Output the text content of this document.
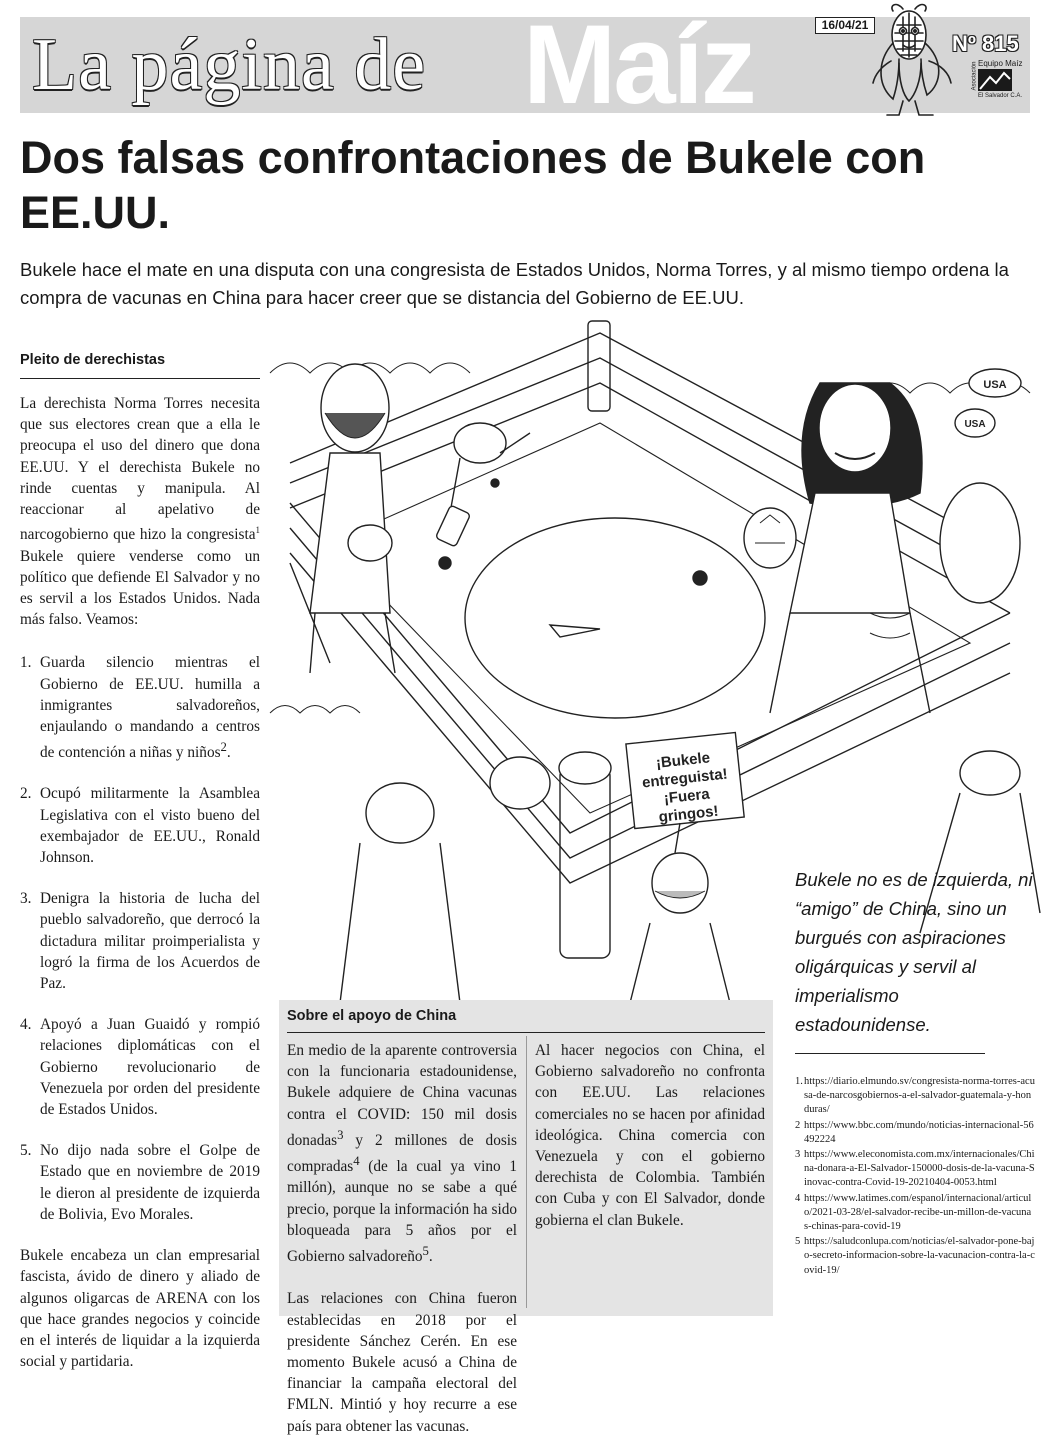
La página de Maíz	16/04/21
Nº 815
Equipo Maíz
Asociación
El Salvador C.A.
Dos falsas confrontaciones de Bukele con EE.UU.

Bukele hace el mate en una disputa con una congresista de Estados Unidos, Norma Torres, y al mismo tiempo ordena la compra de vacunas en China para hacer creer que se distancia del Gobierno de EE.UU.

Pleito de derechistas

La derechista Norma Torres necesita que sus electores crean que a ella le preocupa el uso del dinero que dona EE.UU. Y el derechista Bukele no rinde cuentas y manipula. Al reaccionar al apelativo de narcogobierno que hizo la congresista$^1$ Bukele quiere venderse como un político que defiende El Salvador y no es servil a los Estados Unidos. Nada más falso. Veamos:

1. Guarda silencio mientras el Gobierno de EE.UU. humilla a inmigrantes salvadoreños, enjaulando o mandando a centros de contención a niñas y niños$^2$.
2. Ocupó militarmente la Asamblea Legislativa con el visto bueno del exembajador de EE.UU., Ronald Johnson.
3. Denigra la historia de lucha del pueblo salvadoreño, que derrocó la dictadura militar proimperialista y logró la firma de los Acuerdos de Paz.
4. Apoyó a Juan Guaidó y rompió relaciones diplomáticas con el Gobierno revolucionario de Venezuela por orden del presidente de Estados Unidos.
5. No dijo nada sobre el Golpe de Estado que en noviembre de 2019 le dieron al presidente de izquierda de Bolivia, Evo Morales.

Bukele encabeza un clan empresarial fascista, ávido de dinero y aliado de algunos oligarcas de ARENA con los que hace grandes negocios y coincide en el interés de liquidar a la izquierda social y partidaria.

¡Bukele
entreguista!
¡Fuera
gringos!
USA
USA
Bukele no es de izquierda, ni “amigo” de China, sino un burgués con aspiraciones oligárquicas y servil al imperialismo estadounidense.
Sobre el apoyo de China

En medio de la aparente controversia con la funcionaria estadounidense, Bukele adquiere de China vacunas contra el COVID: 150 mil dosis donadas$^3$ y 2 millones de dosis compradas$^4$ (de la cual ya vino 1 millón), aunque no se sabe a qué precio, porque la información ha sido bloqueada para 5 años por el Gobierno salvadoreño$^5$.

Las relaciones con China fueron establecidas en 2018 por el presidente Sánchez Cerén. En ese momento Bukele acusó a China de financiar la campaña electoral del FMLN. Mintió y hoy recurre a ese país para obtener las vacunas.

Al hacer negocios con China, el Gobierno salvadoreño no confronta con EE.UU. Las relaciones comerciales no se hacen por afinidad ideológica. China comercia con Venezuela y con el gobierno derechista de Colombia. También con Cuba y con El Salvador, donde gobierna el clan Bukele.

1. https://diario.elmundo.sv/congresista-norma-torres-acusa-de-narcosgobiernos-a-el-salvador-guatemala-y-honduras/
2 https://www.bbc.com/mundo/noticias-internacional-56492224
3 https://www.eleconomista.com.mx/internacionales/China-donara-a-El-Salvador-150000-dosis-de-la-vacuna-Sinovac-contra-Covid-19-20210404-0053.html
4 https://www.latimes.com/espanol/internacional/articulo/2021-03-28/el-salvador-recibe-un-millon-de-vacunas-chinas-para-covid-19
5 https://saludconlupa.com/noticias/el-salvador-pone-bajo-secreto-informacion-sobre-la-vacunacion-contra-la-covid-19/
